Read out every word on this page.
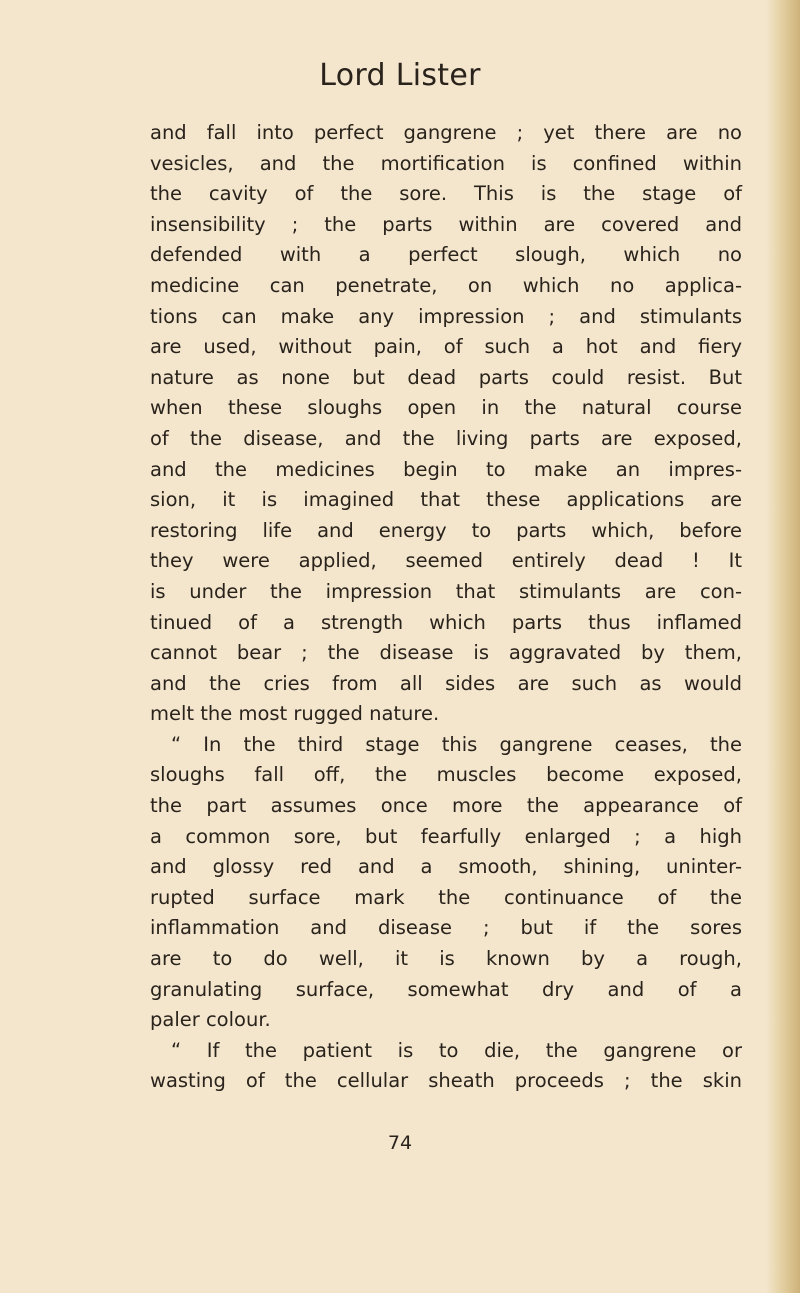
Lord Lister
and fall into perfect gangrene ; yet there are no
vesicles, and the mortification is confined within
the cavity of the sore. This is the stage of
insensibility ; the parts within are covered and
defended with a perfect slough, which no
medicine can penetrate, on which no applica-
tions can make any impression ; and stimulants
are used, without pain, of such a hot and fiery
nature as none but dead parts could resist. But
when these sloughs open in the natural course
of the disease, and the living parts are exposed,
and the medicines begin to make an impres-
sion, it is imagined that these applications are
restoring life and energy to parts which, before
they were applied, seemed entirely dead ! It
is under the impression that stimulants are con-
tinued of a strength which parts thus inflamed
cannot bear ; the disease is aggravated by them,
and the cries from all sides are such as would
melt the most rugged nature.
“ In the third stage this gangrene ceases, the
sloughs fall off, the muscles become exposed,
the part assumes once more the appearance of
a common sore, but fearfully enlarged ; a high
and glossy red and a smooth, shining, uninter-
rupted surface mark the continuance of the
inflammation and disease ; but if the sores
are to do well, it is known by a rough,
granulating surface, somewhat dry and of a
paler colour.
“ If the patient is to die, the gangrene or
wasting of the cellular sheath proceeds ; the skin
74
